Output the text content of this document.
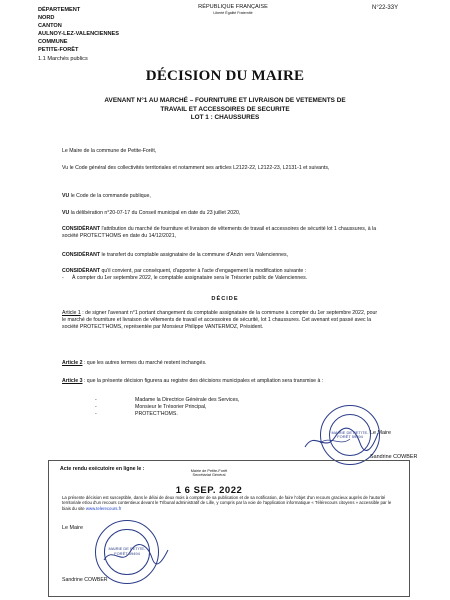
DÉPARTEMENT
NORD
CANTON
AULNOY-LEZ-VALENCIENNES
COMMUNE
PETITE-FORÊT
1.1 Marchés publics
RÉPUBLIQUE FRANÇAISE
Liberté Égalité Fraternité
N°22-33Y
DÉCISION DU MAIRE
AVENANT N°1 AU MARCHÉ – FOURNITURE ET LIVRAISON DE VETEMENTS DE
TRAVAIL ET ACCESSOIRES DE SECURITE
LOT 1 : CHAUSSURES
Le Maire de la commune de Petite-Forêt,

Vu le Code général des collectivités territoriales et notamment ses articles L2122-22, L2122-23, L2131-1 et suivants,

VU le Code de la commande publique,

VU la délibération n°20-07-17 du Conseil municipal en date du 23 juillet 2020,

CONSIDÉRANT l'attribution du marché de fourniture et livraison de vêtements de travail et accessoires de sécurité lot 1 chaussures, à la société PROTECT'HOMS en date du 14/12/2021,

CONSIDÉRANT le transfert du comptable assignataire de la commune d'Anzin vers Valenciennes,

CONSIDÉRANT qu'il convient, par conséquent, d'apporter à l'acte d'engagement la modification suivante :

-	À compter du 1er septembre 2022, le comptable assignataire sera le Trésorier public de Valenciennes.

DÉCIDE

Article 1 : de signer l'avenant n°1 portant changement du comptable assignataire de la commune à compter du 1er septembre 2022, pour le marché de fourniture et livraison de vêtements de travail et accessoires de sécurité, lot 1 chaussures. Cet avenant est passé avec la société PROTECT'HOMS, représentée par Monsieur Philippe VANTERMOZ, Président.

Article 2 : que les autres termes du marché restent inchangés.

Article 3 : que la présente décision figurera au registre des décisions municipales et ampliation sera transmise à :

-	Madame la Directrice Générale des Services,
-	Monsieur le Trésorier Principal,
-	PROTECT'HOMS.
Le Maire
MAIRIE DE PETITE-FORÊT 59494
Sandrine COWBER
Acte rendu exécutoire en ligne le :	Mairie de Petite-Forêt
Secrétariat Général
1 6 SEP. 2022
La présente décision est susceptible, dans le délai de deux mois à compter de sa publication et de sa notification, de faire l'objet d'un recours gracieux auprès de l'autorité territoriale et/ou d'un recours contentieux devant le Tribunal administratif de Lille, y compris par la voie de l'application informatique « Télérecours citoyens » accessible par le biais du site www.telerecours.fr
Le Maire
MAIRIE DE PETITE-FORÊT 59494
Sandrine COWBER
